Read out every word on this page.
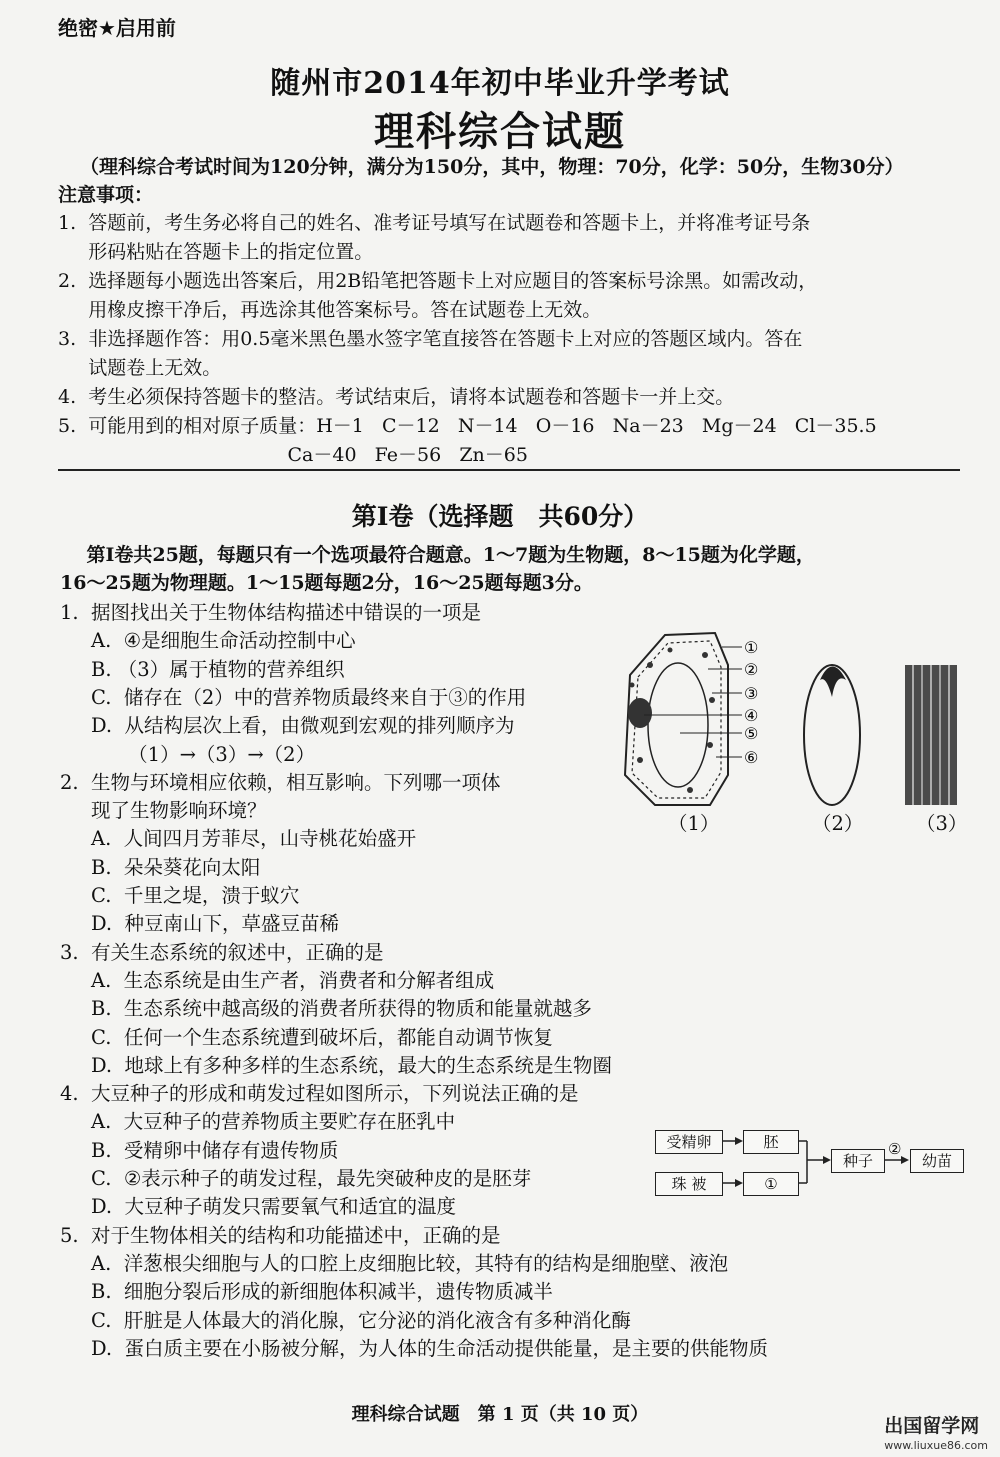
绝密★启用前
随州市2014年初中毕业升学考试
理科综合试题
（理科综合考试时间为120分钟，满分为150分，其中，物理：70分，化学：50分，生物30分）
注意事项：
1.  答题前，考生务必将自己的姓名、准考证号填写在试题卷和答题卡上，并将准考证号条
形码粘贴在答题卡上的指定位置。
2.  选择题每小题选出答案后，用2B铅笔把答题卡上对应题目的答案标号涂黑。如需改动，
用橡皮擦干净后，再选涂其他答案标号。答在试题卷上无效。
3.  非选择题作答：用0.5毫米黑色墨水签字笔直接答在答题卡上对应的答题区域内。答在
试题卷上无效。
4.  考生必须保持答题卡的整洁。考试结束后，请将本试题卷和答题卡一并上交。
5.  可能用到的相对原子质量：H－1   C－12   N－14   O－16   Na－23   Mg－24   Cl－35.5
Ca－40   Fe－56   Zn－65
第Ⅰ卷（选择题　共60分）
第Ⅰ卷共25题，每题只有一个选项最符合题意。1～7题为生物题，8～15题为化学题，
16～25题为物理题。1～15题每题2分，16～25题每题3分。
1.  据图找出关于生物体结构描述中错误的一项是
A.  ④是细胞生命活动控制中心
B. （3）属于植物的营养组织
C.  储存在（2）中的营养物质最终来自于③的作用
D.  从结构层次上看，由微观到宏观的排列顺序为
（1）→（3）→（2）
2.  生物与环境相应依赖，相互影响。下列哪一项体
现了生物影响环境？
A.  人间四月芳菲尽，山寺桃花始盛开
B.  朵朵葵花向太阳
C.  千里之堤，溃于蚁穴
D.  种豆南山下，草盛豆苗稀
3.  有关生态系统的叙述中，正确的是
A.  生态系统是由生产者，消费者和分解者组成
B.  生态系统中越高级的消费者所获得的物质和能量就越多
C.  任何一个生态系统遭到破坏后，都能自动调节恢复
D.  地球上有多种多样的生态系统，最大的生态系统是生物圈
4.  大豆种子的形成和萌发过程如图所示，下列说法正确的是
A.  大豆种子的营养物质主要贮存在胚乳中
B.  受精卵中储存有遗传物质
C.  ②表示种子的萌发过程，最先突破种皮的是胚芽
D.  大豆种子萌发只需要氧气和适宜的温度
5.  对于生物体相关的结构和功能描述中，正确的是
A.  洋葱根尖细胞与人的口腔上皮细胞比较，其特有的结构是细胞壁、液泡
B.  细胞分裂后形成的新细胞体积减半，遗传物质减半
C.  肝脏是人体最大的消化腺，它分泌的消化液含有多种消化酶
D.  蛋白质主要在小肠被分解，为人体的生命活动提供能量，是主要的供能物质
①
②
③
④
⑤
⑥
（1）	（2）	（3）
受精卵	胚
珠 被	①
种子
②
幼苗
理科综合试题　第 1 页（共 10 页）
出国留学网
www.liuxue86.com
